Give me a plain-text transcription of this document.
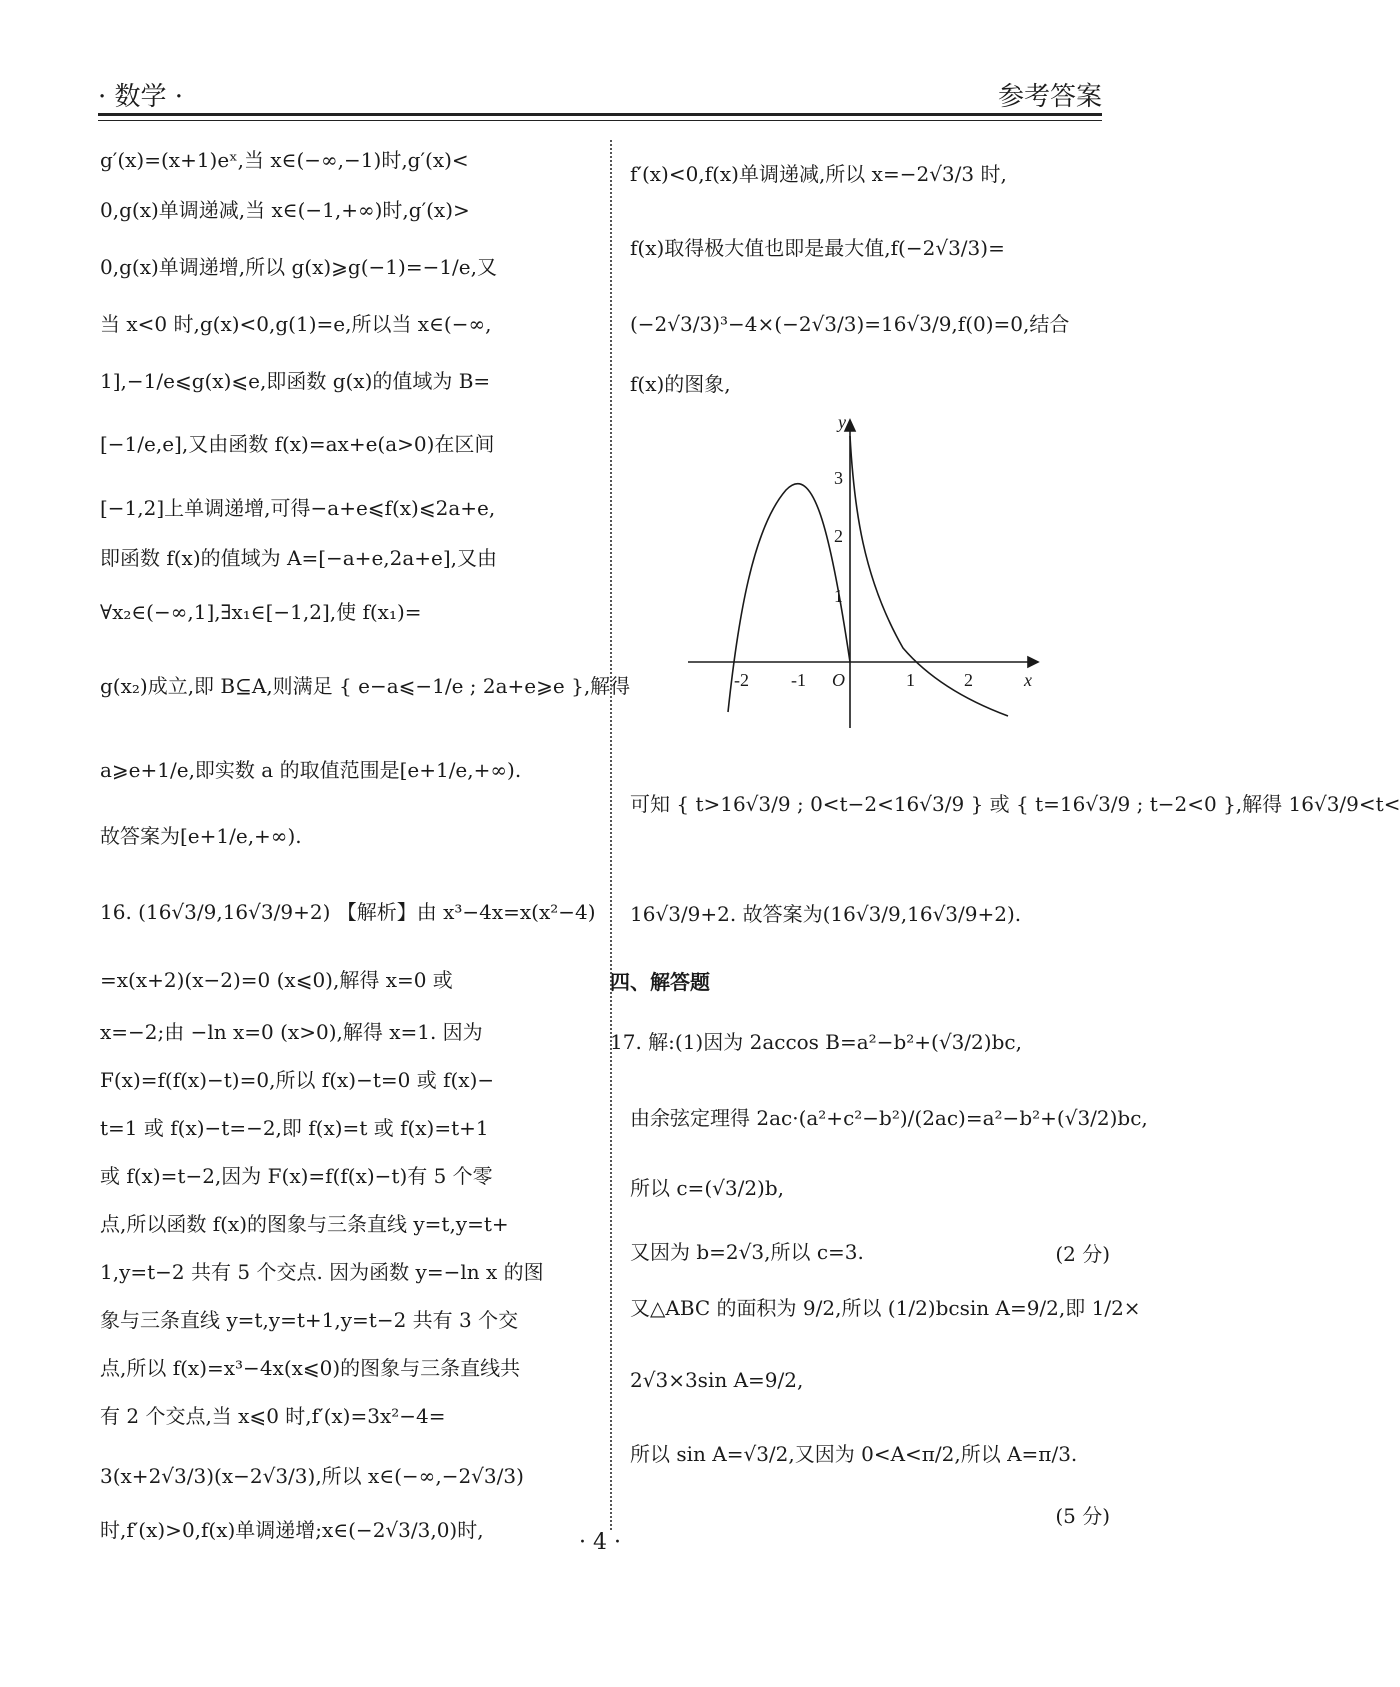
· 数学 ·	参考答案
g′(x)=(x+1)eˣ,当 x∈(−∞,−1)时,g′(x)<
0,g(x)单调递减,当 x∈(−1,+∞)时,g′(x)>
0,g(x)单调递增,所以 g(x)⩾g(−1)=−1/e,又
当 x<0 时,g(x)<0,g(1)=e,所以当 x∈(−∞,
1],−1/e⩽g(x)⩽e,即函数 g(x)的值域为 B=
[−1/e,e],又由函数 f(x)=ax+e(a>0)在区间
[−1,2]上单调递增,可得−a+e⩽f(x)⩽2a+e,
即函数 f(x)的值域为 A=[−a+e,2a+e],又由
∀x₂∈(−∞,1],∃x₁∈[−1,2],使 f(x₁)=
g(x₂)成立,即 B⊆A,则满足 { e−a⩽−1/e ; 2a+e⩾e },解得
a⩾e+1/e,即实数 a 的取值范围是[e+1/e,+∞).
故答案为[e+1/e,+∞).
16. (16√3/9,16√3/9+2) 【解析】由 x³−4x=x(x²−4)
=x(x+2)(x−2)=0 (x⩽0),解得 x=0 或
x=−2;由 −ln x=0 (x>0),解得 x=1. 因为
F(x)=f(f(x)−t)=0,所以 f(x)−t=0 或 f(x)−
t=1 或 f(x)−t=−2,即 f(x)=t 或 f(x)=t+1
或 f(x)=t−2,因为 F(x)=f(f(x)−t)有 5 个零
点,所以函数 f(x)的图象与三条直线 y=t,y=t+
1,y=t−2 共有 5 个交点. 因为函数 y=−ln x 的图
象与三条直线 y=t,y=t+1,y=t−2 共有 3 个交
点,所以 f(x)=x³−4x(x⩽0)的图象与三条直线共
有 2 个交点,当 x⩽0 时,f′(x)=3x²−4=
3(x+2√3/3)(x−2√3/3),所以 x∈(−∞,−2√3/3)
时,f′(x)>0,f(x)单调递增;x∈(−2√3/3,0)时,
f′(x)<0,f(x)单调递减,所以 x=−2√3/3 时,
f(x)取得极大值也即是最大值,f(−2√3/3)=
(−2√3/3)³−4×(−2√3/3)=16√3/9,f(0)=0,结合
f(x)的图象,
可知 { t>16√3/9 ; 0<t−2<16√3/9 } 或 { t=16√3/9 ; t−2<0 },解得 16√3/9<t<
16√3/9+2. 故答案为(16√3/9,16√3/9+2).
四、解答题
17. 解:(1)因为 2accos B=a²−b²+(√3/2)bc,
由余弦定理得 2ac·(a²+c²−b²)/(2ac)=a²−b²+(√3/2)bc,
所以 c=(√3/2)b,
又因为 b=2√3,所以 c=3.	(2 分)
又△ABC 的面积为 9/2,所以 (1/2)bcsin A=9/2,即 1/2×
2√3×3sin A=9/2,
所以 sin A=√3/2,又因为 0<A<π/2,所以 A=π/3.
(5 分)
y
x
O
-2 -1	1	2
1
2
3
· 4 ·
